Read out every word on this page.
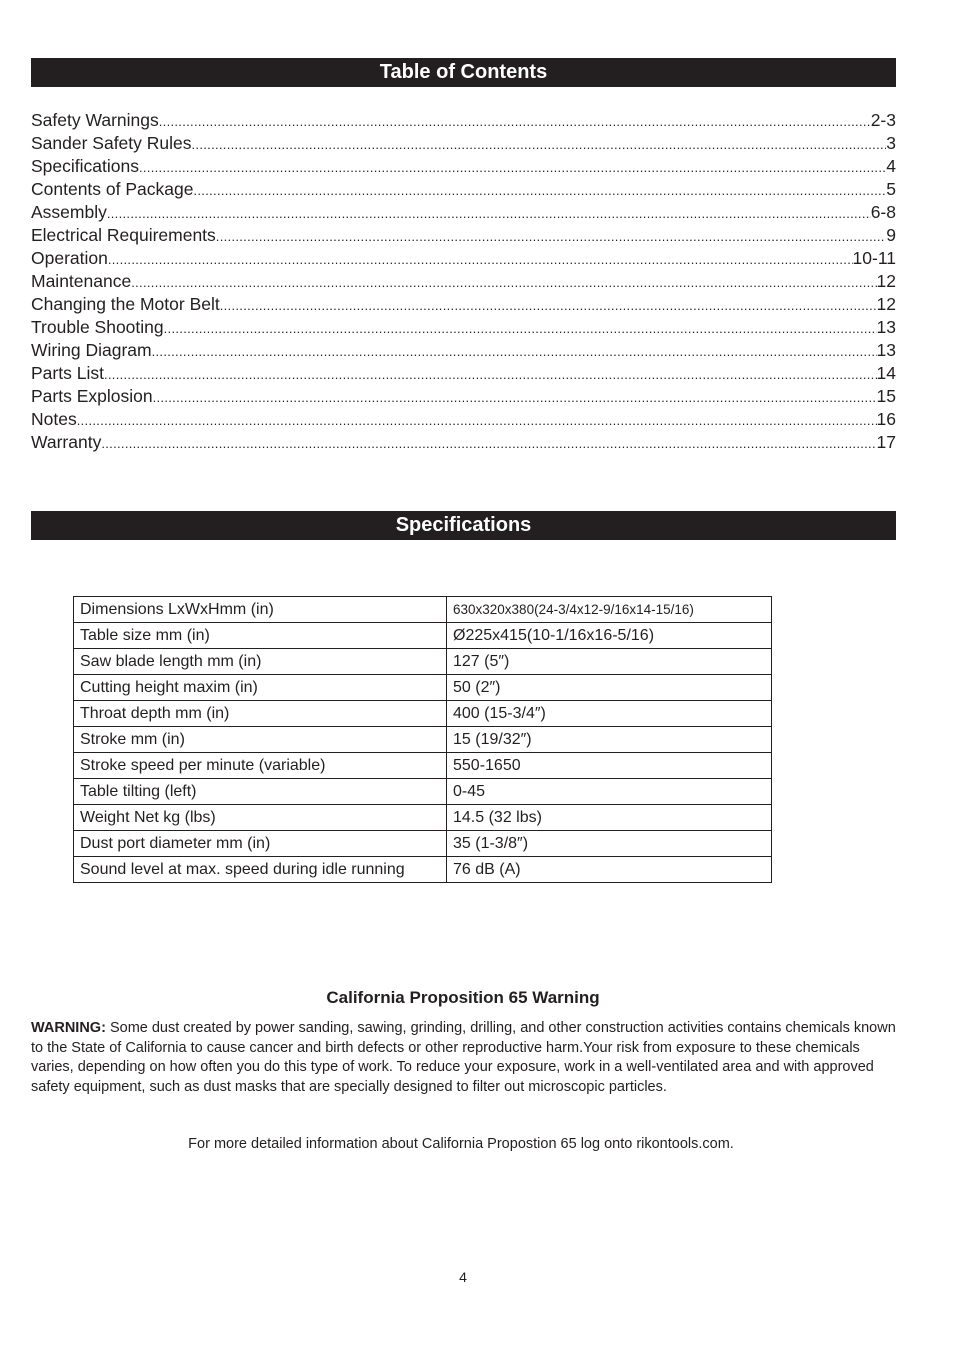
Table of Contents
Safety Warnings .....	2-3
Sander Safety Rules .....	3
Specifications .....	4
Contents of Package .....	5
Assembly .....	6-8
Electrical Requirements .....	9
Operation .....	10-11
Maintenance .....	12
Changing the Motor Belt .....	12
Trouble Shooting .....	13
Wiring Diagram .....	13
Parts List .....	14
Parts Explosion .....	15
Notes .....	16
Warranty .....	17
Specifications
Dimensions LxWxHmm (in)	630x320x380(24-3/4x12-9/16x14-15/16)
Table size mm (in)	Ø225x415(10-1/16x16-5/16)
Saw blade length mm (in)	127 (5″)
Cutting height maxim (in)	50 (2″)
Throat depth mm (in)	400 (15-3/4″)
Stroke mm (in)	15 (19/32″)
Stroke speed per minute (variable)	550-1650
Table tilting (left)	0-45
Weight Net kg (lbs)	14.5 (32 lbs)
Dust port diameter mm (in)	35 (1-3/8″)
Sound level at max. speed during idle running	76 dB (A)
California Proposition 65 Warning
WARNING: Some dust created by power sanding, sawing, grinding, drilling, and other construction activities contains chemicals known to the State of California to cause cancer and birth defects or other reproductive harm.Your risk from exposure to these chemicals varies, depending on how often you do this type of work. To reduce your exposure, work in a well-ventilated area and with approved safety equipment, such as dust masks that are specially designed to filter out microscopic particles.
For more detailed information about California Propostion 65 log onto rikontools.com.
4
